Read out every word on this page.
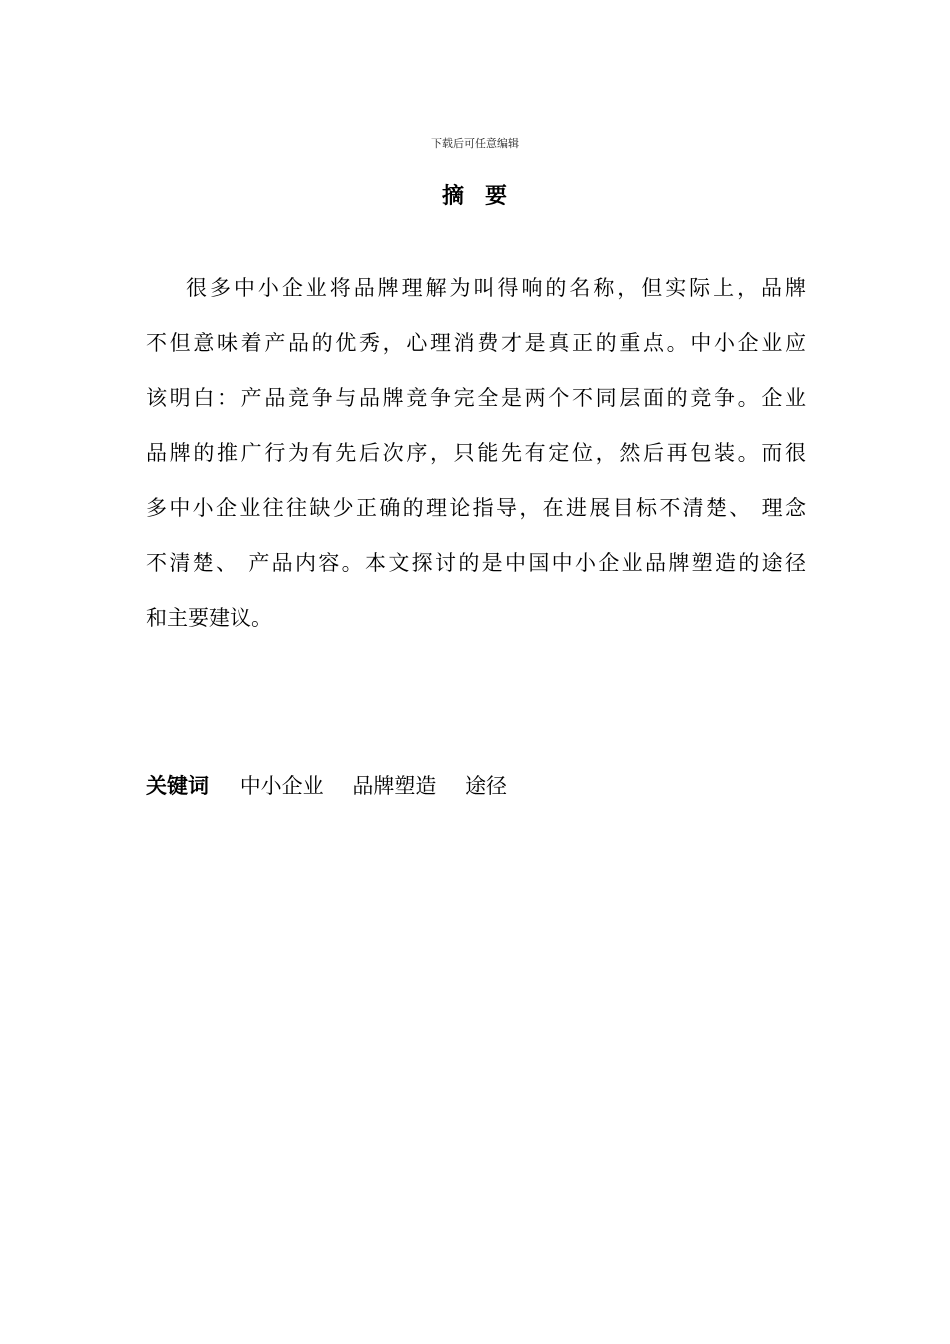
下载后可任意编辑
摘 要
很多中小企业将品牌理解为叫得响的名称，但实际上，品牌
不但意味着产品的优秀，心理消费才是真正的重点。中小企业应
该明白：产品竞争与品牌竞争完全是两个不同层面的竞争。企业
品牌的推广行为有先后次序，只能先有定位，然后再包装。而很
多中小企业往往缺少正确的理论指导，在进展目标不清楚、 理念
不清楚、 产品内容。本文探讨的是中国中小企业品牌塑造的途径
和主要建议。
关键词 中小企业 品牌塑造 途径
